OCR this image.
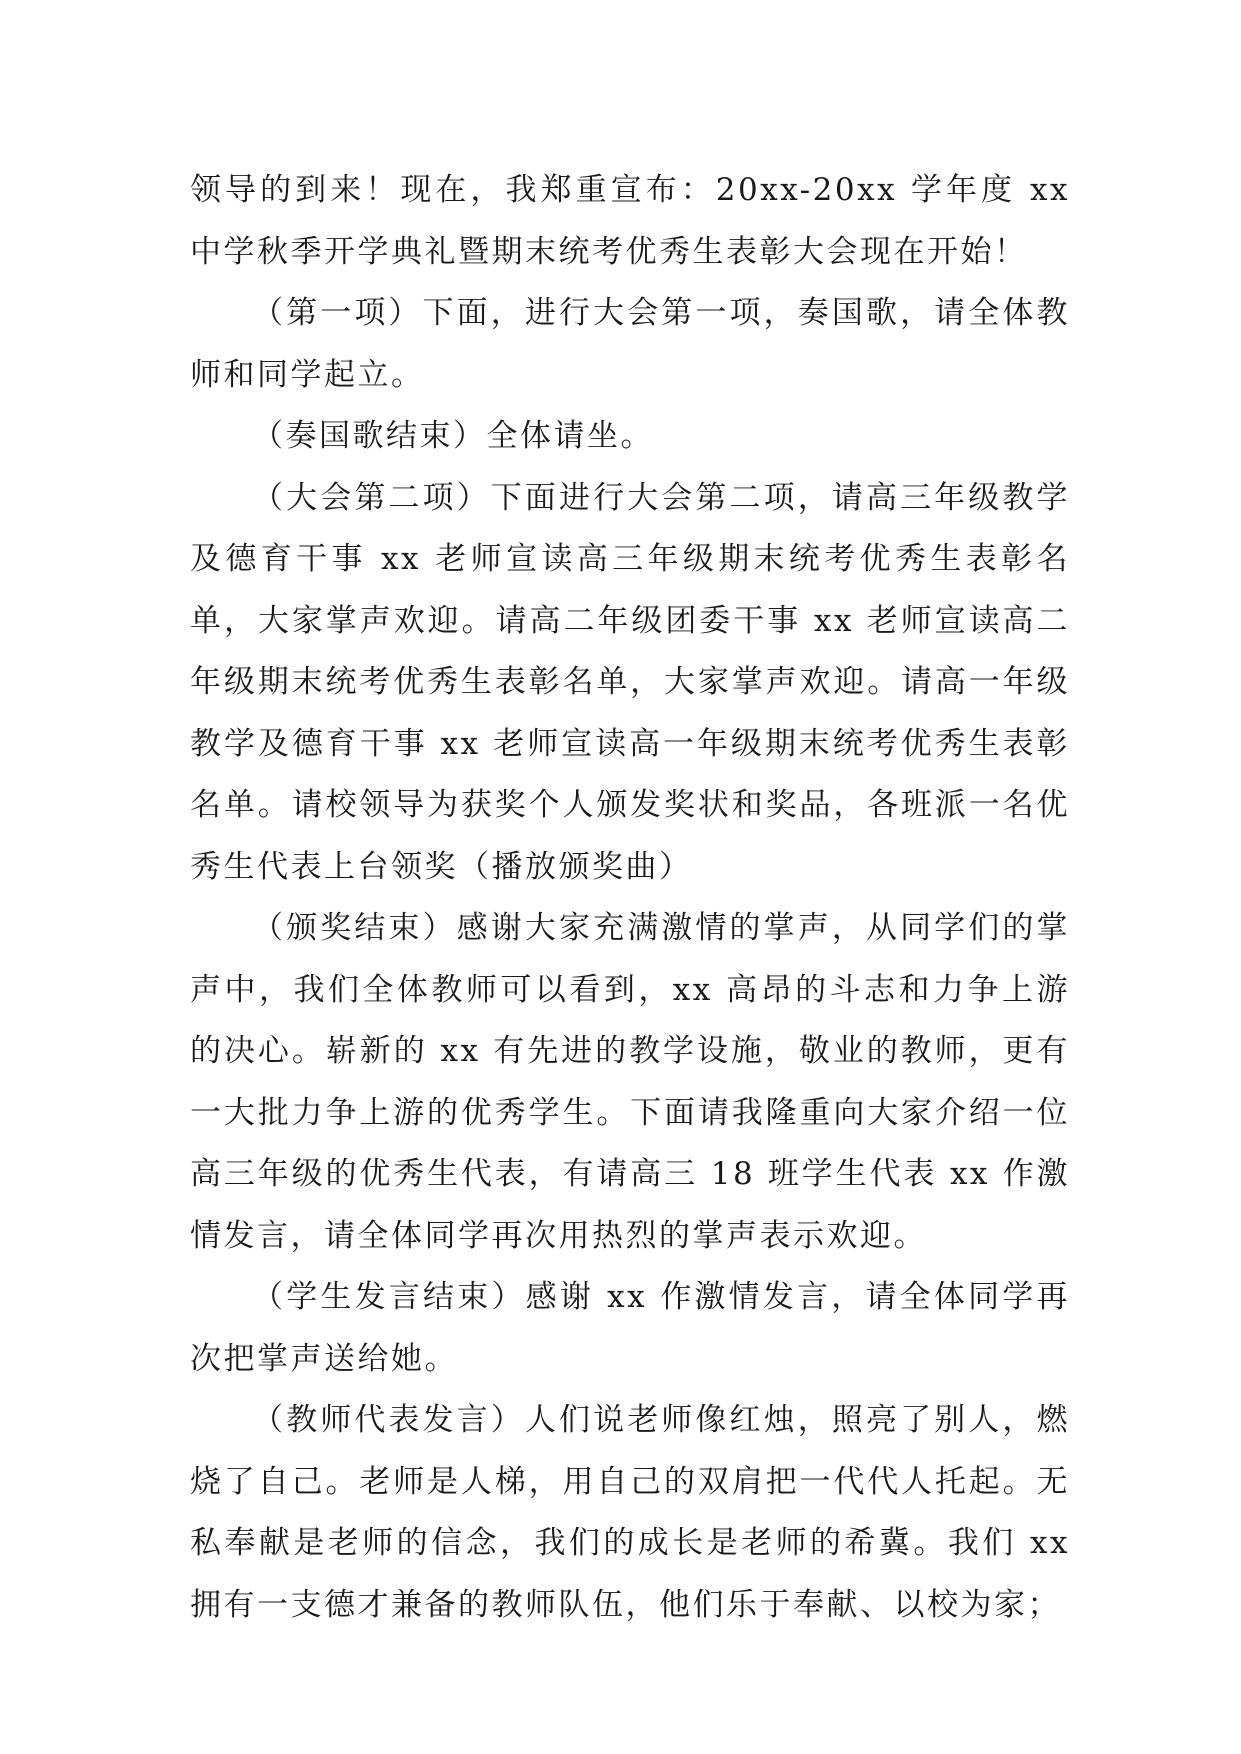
领导的到来！现在，我郑重宣布：20xx-20xx 学年度 xx 中学秋季开学典礼暨期末统考优秀生表彰大会现在开始！

（第一项）下面，进行大会第一项，奏国歌，请全体教师和同学起立。

（奏国歌结束）全体请坐。

（大会第二项）下面进行大会第二项，请高三年级教学及德育干事 xx 老师宣读高三年级期末统考优秀生表彰名单，大家掌声欢迎。请高二年级团委干事 xx 老师宣读高二年级期末统考优秀生表彰名单，大家掌声欢迎。请高一年级教学及德育干事 xx 老师宣读高一年级期末统考优秀生表彰名单。请校领导为获奖个人颁发奖状和奖品，各班派一名优秀生代表上台领奖（播放颁奖曲）

（颁奖结束）感谢大家充满激情的掌声，从同学们的掌声中，我们全体教师可以看到，xx 高昂的斗志和力争上游的决心。崭新的 xx 有先进的教学设施，敬业的教师，更有一大批力争上游的优秀学生。下面请我隆重向大家介绍一位高三年级的优秀生代表，有请高三 18 班学生代表 xx 作激情发言，请全体同学再次用热烈的掌声表示欢迎。

（学生发言结束）感谢 xx 作激情发言，请全体同学再次把掌声送给她。

（教师代表发言）人们说老师像红烛，照亮了别人，燃烧了自己。老师是人梯，用自己的双肩把一代代人托起。无私奉献是老师的信念，我们的成长是老师的希冀。我们 xx 拥有一支德才兼备的教师队伍，他们乐于奉献、以校为家；
